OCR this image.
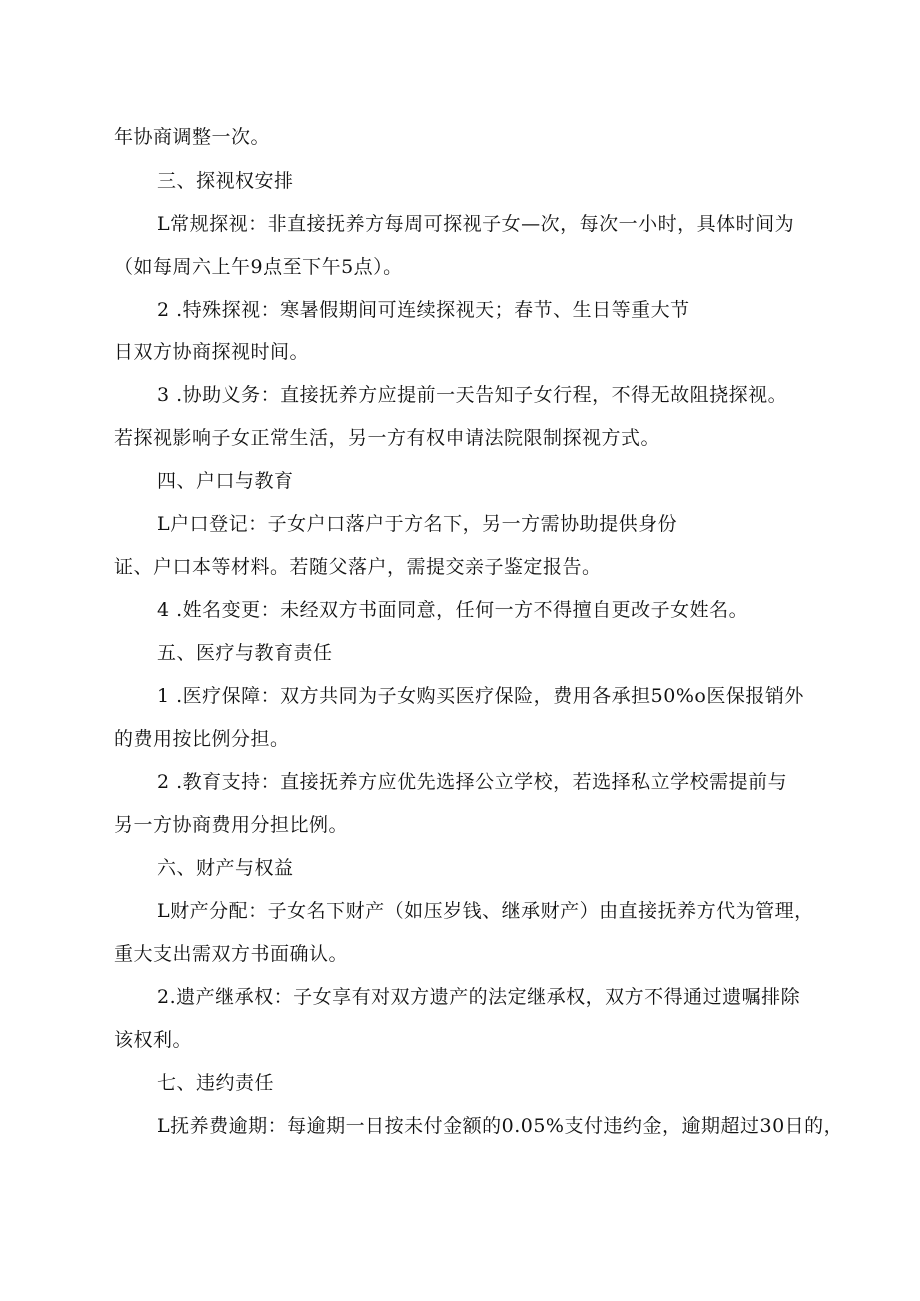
年协商调整一次。
三、探视权安排
L常规探视：非直接抚养方每周可探视子女—次，每次一小时，具体时间为
（如每周六上午9点至下午5点）。
2 .特殊探视：寒暑假期间可连续探视天；春节、生日等重大节
日双方协商探视时间。
3 .协助义务：直接抚养方应提前一天告知子女行程，不得无故阻挠探视。
若探视影响子女正常生活，另一方有权申请法院限制探视方式。
四、户口与教育
L户口登记：子女户口落户于方名下，另一方需协助提供身份
证、户口本等材料。若随父落户，需提交亲子鉴定报告。
4 .姓名变更：未经双方书面同意，任何一方不得擅自更改子女姓名。
五、医疗与教育责任
1 .医疗保障：双方共同为子女购买医疗保险，费用各承担50%o医保报销外
的费用按比例分担。
2 .教育支持：直接抚养方应优先选择公立学校，若选择私立学校需提前与
另一方协商费用分担比例。
六、财产与权益
L财产分配：子女名下财产（如压岁钱、继承财产）由直接抚养方代为管理，
重大支出需双方书面确认。
2.遗产继承权：子女享有对双方遗产的法定继承权，双方不得通过遗嘱排除
该权利。
七、违约责任
L抚养费逾期：每逾期一日按未付金额的0.05%支付违约金，逾期超过30日的，
